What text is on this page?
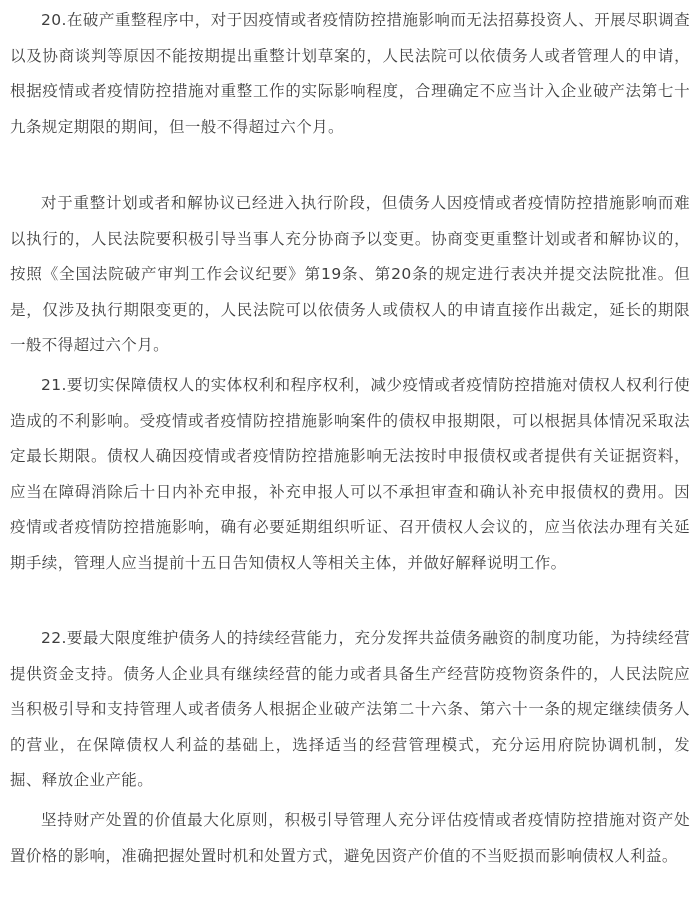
20.在破产重整程序中，对于因疫情或者疫情防控措施影响而无法招募投资人、开展尽职调查以及协商谈判等原因不能按期提出重整计划草案的，人民法院可以依债务人或者管理人的申请，根据疫情或者疫情防控措施对重整工作的实际影响程度，合理确定不应当计入企业破产法第七十九条规定期限的期间，但一般不得超过六个月。

对于重整计划或者和解协议已经进入执行阶段，但债务人因疫情或者疫情防控措施影响而难以执行的，人民法院要积极引导当事人充分协商予以变更。协商变更重整计划或者和解协议的，按照《全国法院破产审判工作会议纪要》第19条、第20条的规定进行表决并提交法院批准。但是，仅涉及执行期限变更的，人民法院可以依债务人或债权人的申请直接作出裁定，延长的期限一般不得超过六个月。

21.要切实保障债权人的实体权利和程序权利，减少疫情或者疫情防控措施对债权人权利行使造成的不利影响。受疫情或者疫情防控措施影响案件的债权申报期限，可以根据具体情况采取法定最长期限。债权人确因疫情或者疫情防控措施影响无法按时申报债权或者提供有关证据资料，应当在障碍消除后十日内补充申报，补充申报人可以不承担审查和确认补充申报债权的费用。因疫情或者疫情防控措施影响，确有必要延期组织听证、召开债权人会议的，应当依法办理有关延期手续，管理人应当提前十五日告知债权人等相关主体，并做好解释说明工作。

22.要最大限度维护债务人的持续经营能力，充分发挥共益债务融资的制度功能，为持续经营提供资金支持。债务人企业具有继续经营的能力或者具备生产经营防疫物资条件的，人民法院应当积极引导和支持管理人或者债务人根据企业破产法第二十六条、第六十一条的规定继续债务人的营业，在保障债权人利益的基础上，选择适当的经营管理模式，充分运用府院协调机制，发掘、释放企业产能。

坚持财产处置的价值最大化原则，积极引导管理人充分评估疫情或者疫情防控措施对资产处置价格的影响，准确把握处置时机和处置方式，避免因资产价值的不当贬损而影响债权人利益。
